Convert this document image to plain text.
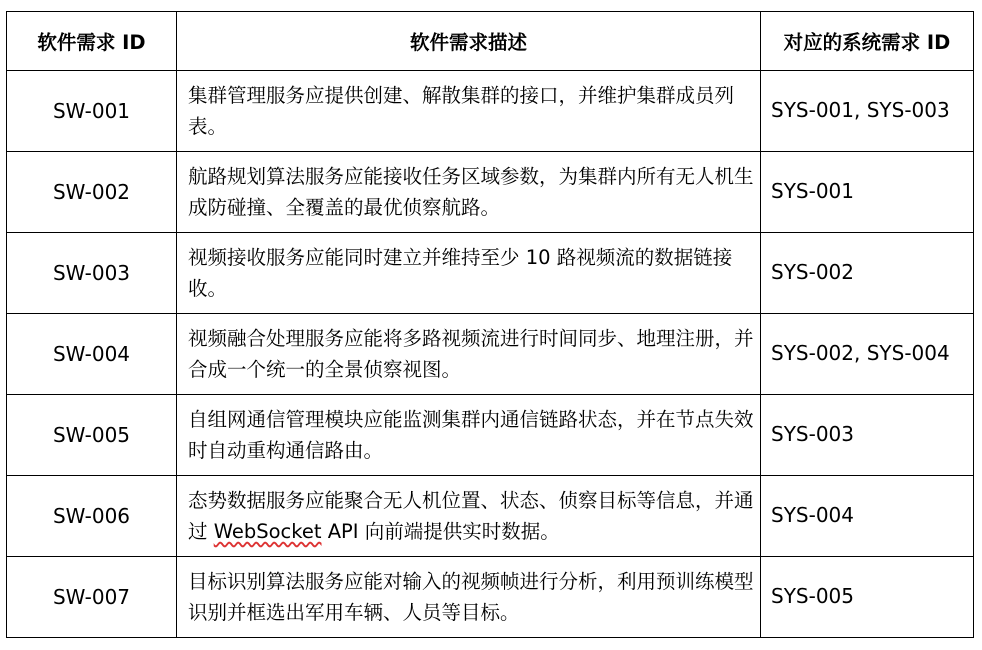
软件需求 ID	软件需求描述	对应的系统需求 ID
SW-001	集群管理服务应提供创建、解散集群的接口，并维护集群成员列表。	SYS-001, SYS-003
SW-002	航路规划算法服务应能接收任务区域参数，为集群内所有无人机生成防碰撞、全覆盖的最优侦察航路。	SYS-001
SW-003	视频接收服务应能同时建立并维持至少 10 路视频流的数据链接收。	SYS-002
SW-004	视频融合处理服务应能将多路视频流进行时间同步、地理注册，并合成一个统一的全景侦察视图。	SYS-002, SYS-004
SW-005	自组网通信管理模块应能监测集群内通信链路状态，并在节点失效时自动重构通信路由。	SYS-003
SW-006	态势数据服务应能聚合无人机位置、状态、侦察目标等信息，并通过 WebSocket API 向前端提供实时数据。	SYS-004
SW-007	目标识别算法服务应能对输入的视频帧进行分析，利用预训练模型识别并框选出军用车辆、人员等目标。	SYS-005
